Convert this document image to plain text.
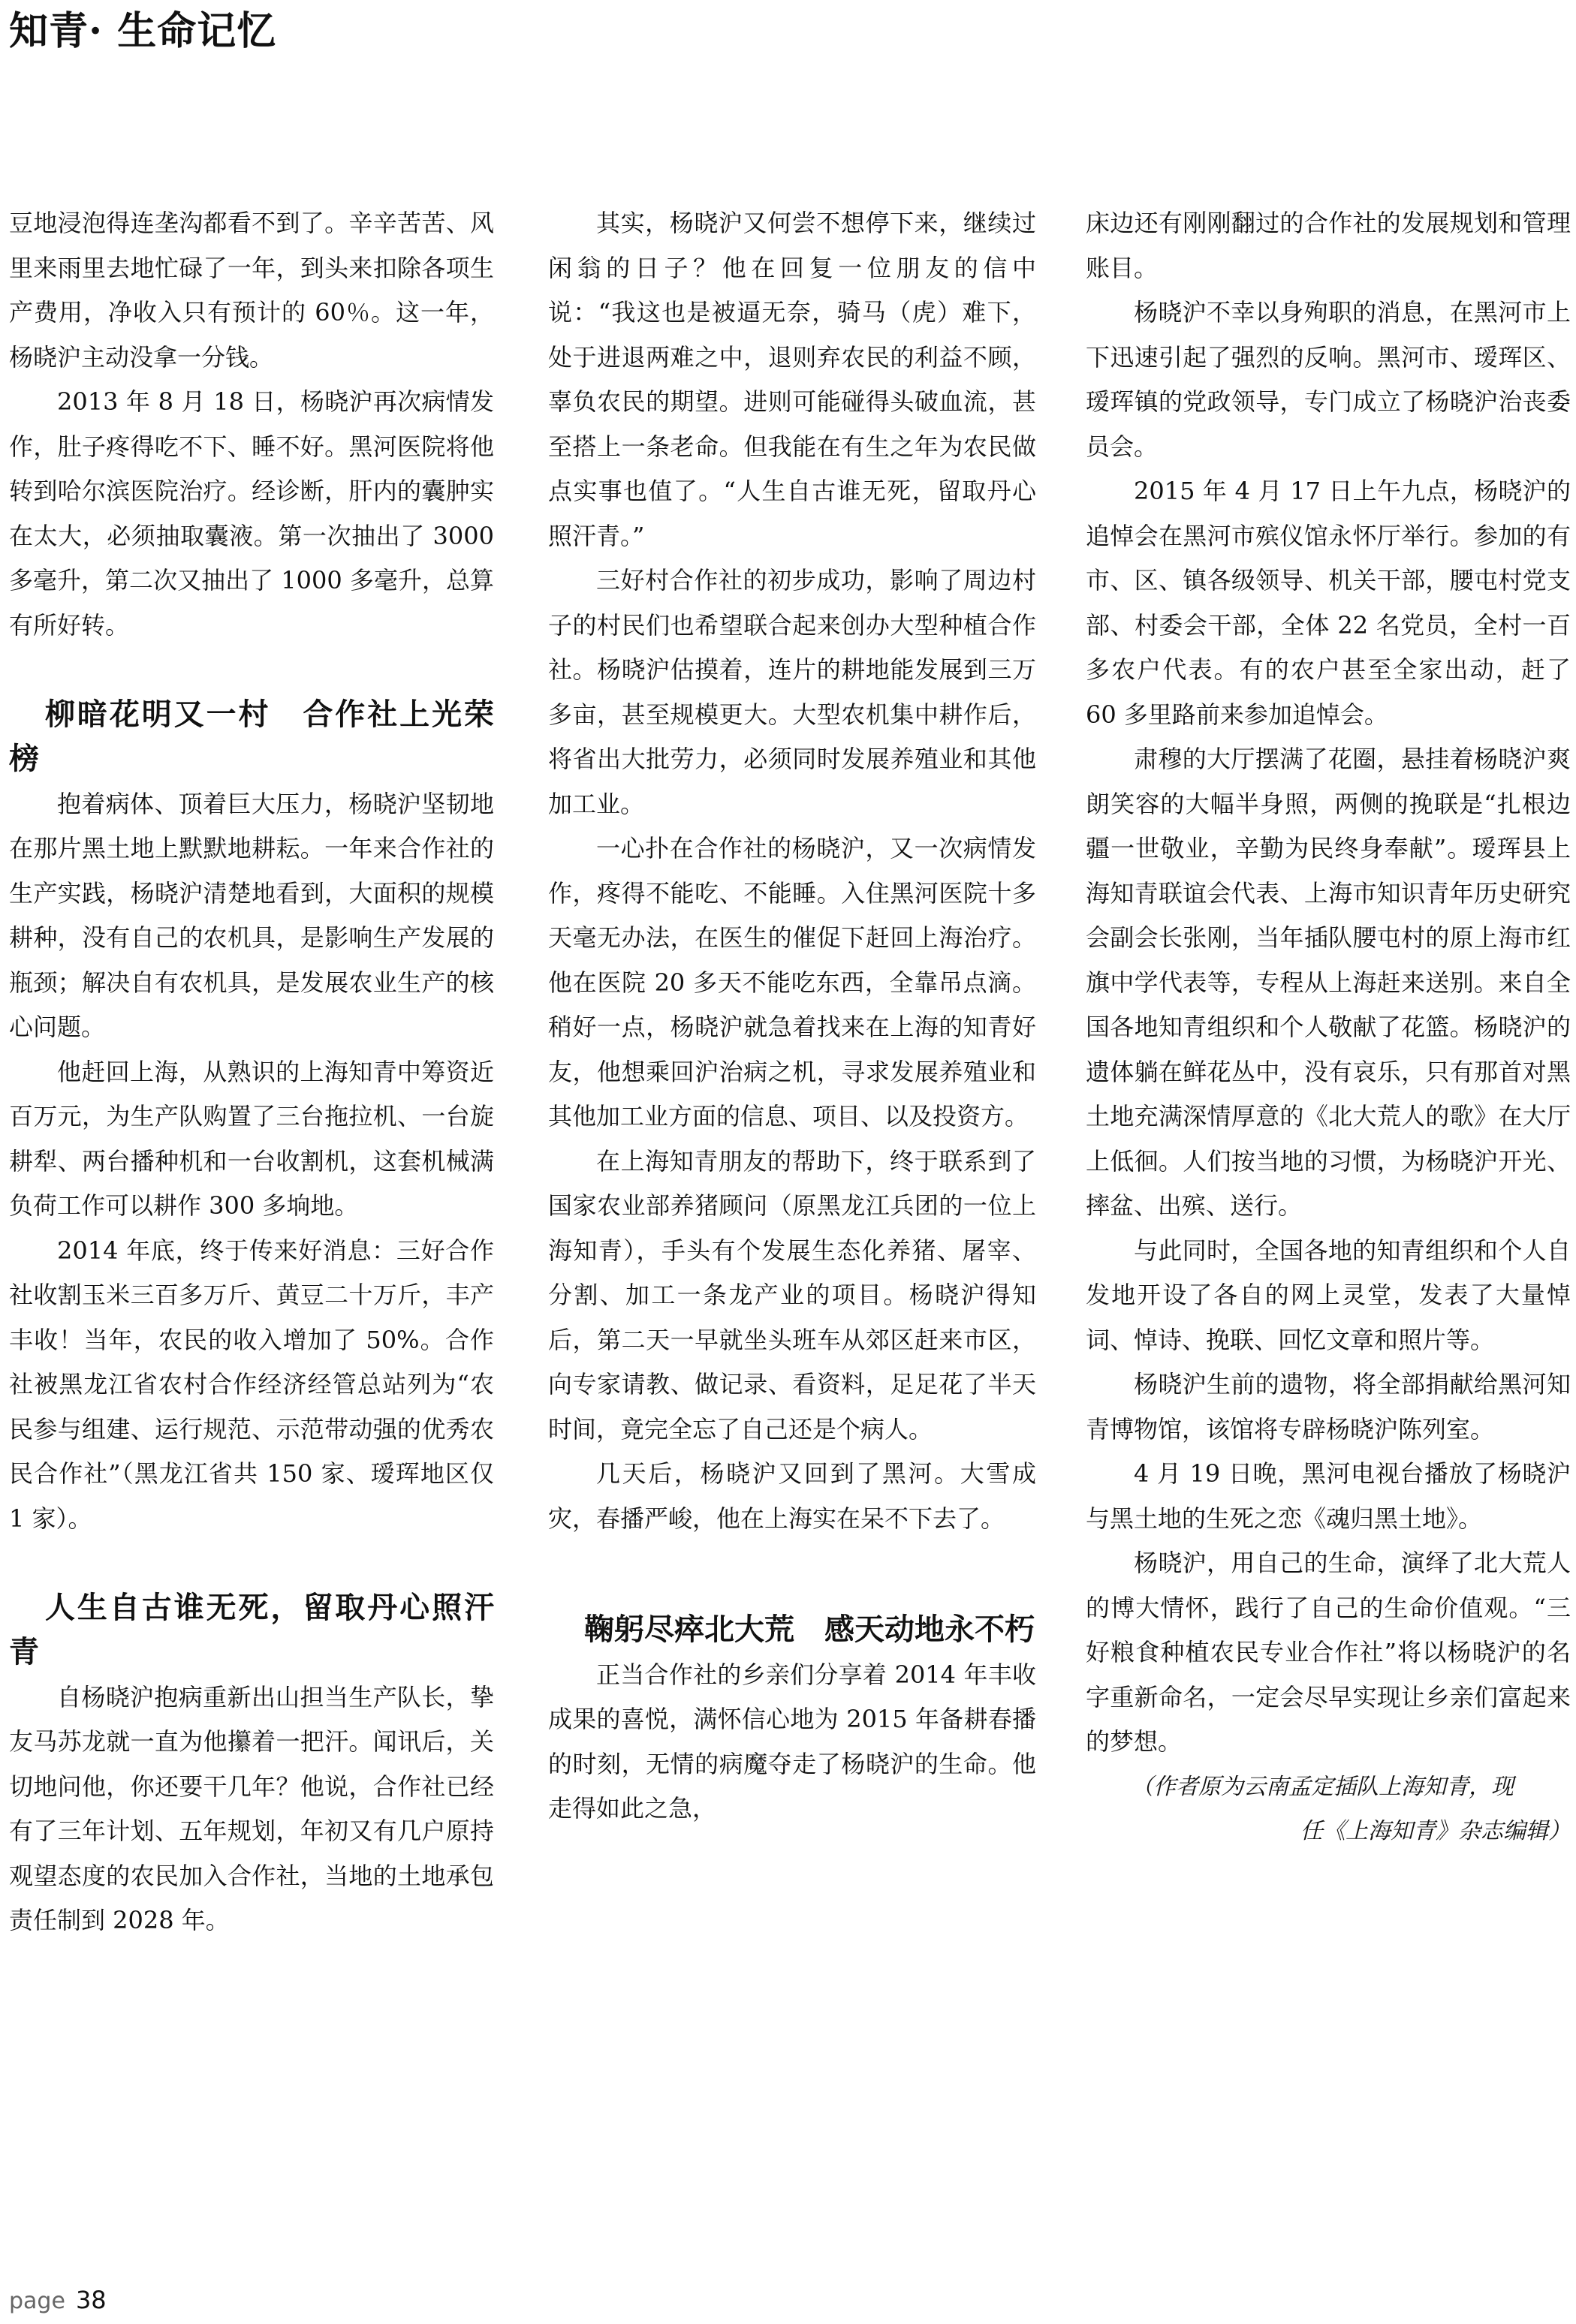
知青· 生命记忆

豆地浸泡得连垄沟都看不到了。辛辛苦苦、风里来雨里去地忙碌了一年，到头来扣除各项生产费用，净收入只有预计的 60％。这一年，杨晓沪主动没拿一分钱。

2013 年 8 月 18 日，杨晓沪再次病情发作，肚子疼得吃不下、睡不好。黑河医院将他转到哈尔滨医院治疗。经诊断，肝内的囊肿实在太大，必须抽取囊液。第一次抽出了 3000 多毫升，第二次又抽出了 1000 多毫升，总算有所好转。

柳暗花明又一村　合作社上光荣榜

抱着病体、顶着巨大压力，杨晓沪坚韧地在那片黑土地上默默地耕耘。一年来合作社的生产实践，杨晓沪清楚地看到，大面积的规模耕种，没有自己的农机具，是影响生产发展的瓶颈；解决自有农机具，是发展农业生产的核心问题。

他赶回上海，从熟识的上海知青中筹资近百万元，为生产队购置了三台拖拉机、一台旋耕犁、两台播种机和一台收割机，这套机械满负荷工作可以耕作 300 多垧地。

2014 年底，终于传来好消息：三好合作社收割玉米三百多万斤、黄豆二十万斤，丰产丰收！当年，农民的收入增加了 50%。合作社被黑龙江省农村合作经济经管总站列为“农民参与组建、运行规范、示范带动强的优秀农民合作社”（黑龙江省共 150 家、瑷珲地区仅 1 家）。

人生自古谁无死，留取丹心照汗青

自杨晓沪抱病重新出山担当生产队长，挚友马苏龙就一直为他攥着一把汗。闻讯后，关切地问他，你还要干几年？他说，合作社已经有了三年计划、五年规划，年初又有几户原持观望态度的农民加入合作社，当地的土地承包责任制到 2028 年。

其实，杨晓沪又何尝不想停下来，继续过闲翁的日子？他在回复一位朋友的信中说：“我这也是被逼无奈，骑马（虎）难下，处于进退两难之中，退则弃农民的利益不顾，辜负农民的期望。进则可能碰得头破血流，甚至搭上一条老命。但我能在有生之年为农民做点实事也值了。“人生自古谁无死，留取丹心照汗青。”

三好村合作社的初步成功，影响了周边村子的村民们也希望联合起来创办大型种植合作社。杨晓沪估摸着，连片的耕地能发展到三万多亩，甚至规模更大。大型农机集中耕作后，将省出大批劳力，必须同时发展养殖业和其他加工业。

一心扑在合作社的杨晓沪，又一次病情发作，疼得不能吃、不能睡。入住黑河医院十多天毫无办法，在医生的催促下赶回上海治疗。他在医院 20 多天不能吃东西，全靠吊点滴。稍好一点，杨晓沪就急着找来在上海的知青好友，他想乘回沪治病之机，寻求发展养殖业和其他加工业方面的信息、项目、以及投资方。

在上海知青朋友的帮助下，终于联系到了国家农业部养猪顾问（原黑龙江兵团的一位上海知青），手头有个发展生态化养猪、屠宰、分割、加工一条龙产业的项目。杨晓沪得知后，第二天一早就坐头班车从郊区赶来市区，向专家请教、做记录、看资料，足足花了半天时间，竟完全忘了自己还是个病人。

几天后，杨晓沪又回到了黑河。大雪成灾，春播严峻，他在上海实在呆不下去了。

鞠躬尽瘁北大荒　感天动地永不朽

正当合作社的乡亲们分享着 2014 年丰收成果的喜悦，满怀信心地为 2015 年备耕春播的时刻，无情的病魔夺走了杨晓沪的生命。他走得如此之急，

床边还有刚刚翻过的合作社的发展规划和管理账目。

杨晓沪不幸以身殉职的消息，在黑河市上下迅速引起了强烈的反响。黑河市、瑷珲区、瑷珲镇的党政领导，专门成立了杨晓沪治丧委员会。

2015 年 4 月 17 日上午九点，杨晓沪的追悼会在黑河市殡仪馆永怀厅举行。参加的有市、区、镇各级领导、机关干部，腰屯村党支部、村委会干部，全体 22 名党员，全村一百多农户代表。有的农户甚至全家出动，赶了 60 多里路前来参加追悼会。

肃穆的大厅摆满了花圈，悬挂着杨晓沪爽朗笑容的大幅半身照，两侧的挽联是“扎根边疆一世敬业，辛勤为民终身奉献”。瑷珲县上海知青联谊会代表、上海市知识青年历史研究会副会长张刚，当年插队腰屯村的原上海市红旗中学代表等，专程从上海赶来送别。来自全国各地知青组织和个人敬献了花篮。杨晓沪的遗体躺在鲜花丛中，没有哀乐，只有那首对黑土地充满深情厚意的《北大荒人的歌》在大厅上低徊。人们按当地的习惯，为杨晓沪开光、摔盆、出殡、送行。

与此同时，全国各地的知青组织和个人自发地开设了各自的网上灵堂，发表了大量悼词、悼诗、挽联、回忆文章和照片等。

杨晓沪生前的遗物，将全部捐献给黑河知青博物馆，该馆将专辟杨晓沪陈列室。

4 月 19 日晚，黑河电视台播放了杨晓沪与黑土地的生死之恋《魂归黑土地》。

杨晓沪，用自己的生命，演绎了北大荒人的博大情怀，践行了自己的生命价值观。“三好粮食种植农民专业合作社”将以杨晓沪的名字重新命名，一定会尽早实现让乡亲们富起来的梦想。

（作者原为云南孟定插队上海知青，现

任《上海知青》杂志编辑）

page 38
